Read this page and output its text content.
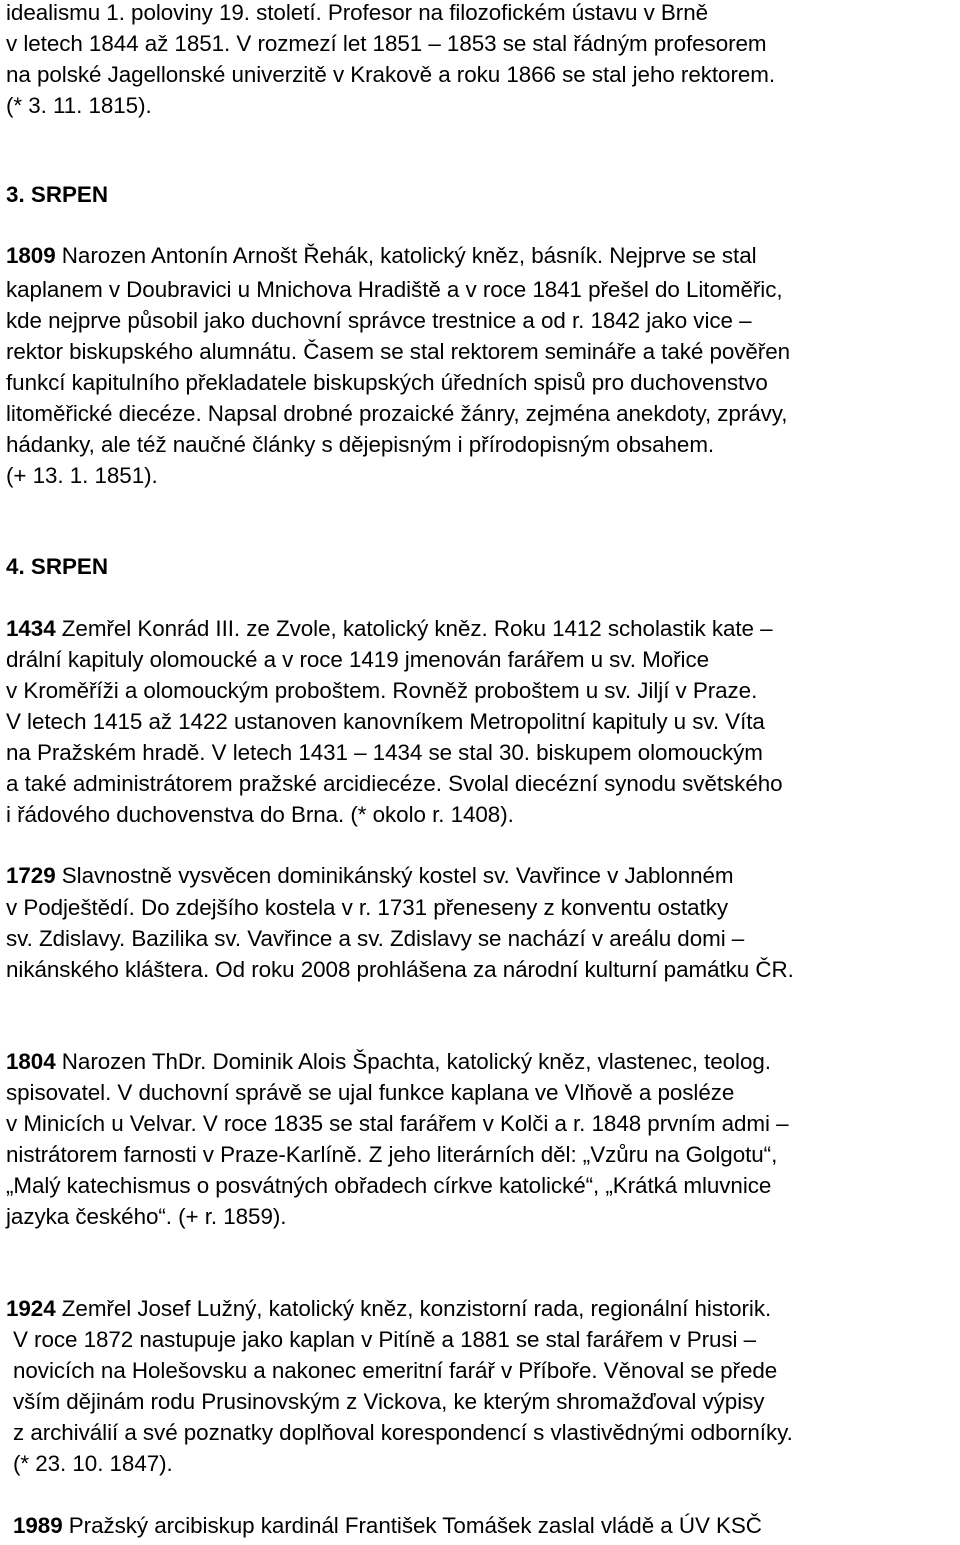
idealismu 1. poloviny 19. století. Profesor na filozofickém ústavu v Brně
v letech 1844 až 1851. V rozmezí let 1851 – 1853 se stal řádným profesorem
na polské Jagellonské univerzitě v Krakově a roku 1866 se stal jeho rektorem.
(* 3. 11. 1815).
3. SRPEN
1809 Narozen Antonín Arnošt Řehák, katolický kněz, básník. Nejprve se stal
kaplanem v Doubravici u Mnichova Hradiště a v roce 1841 přešel do Litoměřic,
kde nejprve působil jako duchovní správce trestnice a od r. 1842 jako vice –
rektor biskupského alumnátu. Časem se stal rektorem semináře a také pověřen
funkcí kapitulního překladatele biskupských úředních spisů pro duchovenstvo
litoměřické diecéze. Napsal drobné prozaické žánry, zejména anekdoty, zprávy,
hádanky, ale též naučné články s dějepisným i přírodopisným obsahem.
(+ 13. 1. 1851).
4. SRPEN
1434 Zemřel Konrád III. ze Zvole, katolický kněz. Roku 1412 scholastik kate –
drální kapituly olomoucké a v roce 1419 jmenován farářem u sv. Mořice
v Kroměříži a olomouckým proboštem. Rovněž proboštem u sv. Jiljí v Praze.
V letech 1415 až 1422 ustanoven kanovníkem Metropolitní kapituly u sv. Víta
na Pražském hradě. V letech 1431 – 1434 se stal 30. biskupem olomouckým
a také administrátorem pražské arcidiecéze. Svolal diecézní synodu světského
i řádového duchovenstva do Brna. (* okolo r. 1408).
1729 Slavnostně vysvěcen dominikánský kostel sv. Vavřince v Jablonném
v Podještědí. Do zdejšího kostela v r. 1731 přeneseny z konventu ostatky
sv. Zdislavy. Bazilika sv. Vavřince a sv. Zdislavy se nachází v areálu domi –
nikánského kláštera. Od roku 2008 prohlášena za národní kulturní památku ČR.
1804 Narozen ThDr. Dominik Alois Špachta, katolický kněz, vlastenec, teolog.
spisovatel. V duchovní správě se ujal funkce kaplana ve Vlňově a posléze
v Minicích u Velvar. V roce 1835 se stal farářem v Kolči a r. 1848 prvním admi –
nistrátorem farnosti v Praze-Karlíně. Z jeho literárních děl: „Vzůru na Golgotu“,
„Malý katechismus o posvátných obřadech církve katolické“, „Krátká mluvnice
jazyka českého“. (+ r. 1859).
1924 Zemřel Josef Lužný, katolický kněz, konzistorní rada, regionální historik.
V roce 1872 nastupuje jako kaplan v Pitíně a 1881 se stal farářem v Prusi –
novicích na Holešovsku a nakonec emeritní farář v Příboře. Věnoval se přede
vším dějinám rodu Prusinovským z Vickova, ke kterým shromažďoval výpisy
z archiválií a své poznatky doplňoval korespondencí s vlastivědnými odborníky.
(* 23. 10. 1847).
1989 Pražský arcibiskup kardinál František Tomášek zaslal vládě a ÚV KSČ
